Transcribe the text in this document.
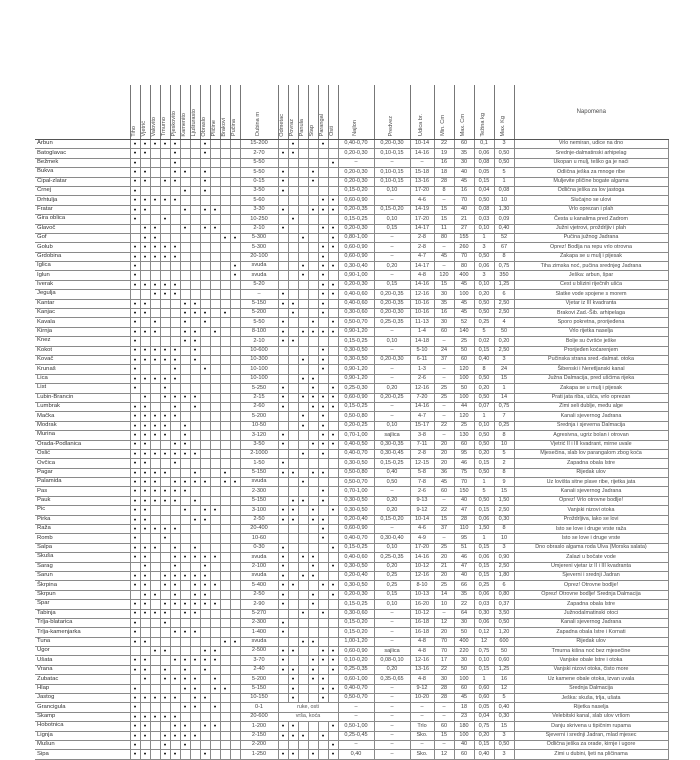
	Tiho	Vjetrić	Valovito	Tmurno	Pjeskovito	Kamenito	Ljušturasto	Obraslo	Pličine	Brakovi	Pučina	Dubina m	Odmetac	Povraz	Panula	Štap	Parangal	Osti	Najlon	Predvez	Udica br.	Min. Cm	Max. Cm	Težina kg	Max. Kg	Napomena
Arbun	●	●	●	●	●			●				15-200		●			●		0,40-0,70	0,20-0,30	10-14	22	60	0,1	3	Vrlo nemiran, udice na dno
Batoglavac	●	●			●			●				2-70	●	●					0,20-0,30	0,10-0,15	14-16	19	35	0,06	0,50	Srednje-dalmatinski arhipelag
Bežmek	●				●							5-50						●	–	–	–	16	30	0,08	0,50	Ukopan u mulj, teško ga je naći
Bukva	●	●			●	●		●				5-50	●			●			0,20-0,30	0,10-0,15	15-18	18	40	0,05	5	Odlična ješka za mnoge ribe
Cipal-zlatar	●	●		●	●			●				0-15	●			●			0,20-0,30	0,10-0,15	13-16	28	45	0,15	1	Muljevite pličine bogate algama
Crnej	●					●		●				3-50	●						0,15-0,20	0,10	17-20	8	16	0,04	0,08	Odlična ješka za lov jastoga
Drhtulja	●	●	●	●	●							5-60					●	●	0,60-0,90	–	4-6	–	70	0,50	10	Slučajno se ulovi
Fratar	●	●				●		●	●			3-30	●			●	●	●	0,20-0,35	0,15-0,20	14-19	15	40	0,08	1,30	Vrlo oprezan i plah
Gira oblica	●			●								10-250		●					0,15-0,25	0,10	17-20	15	21	0,03	0,09	Česta u kanalima pred Zadrom
Glavoč		●	●			●		●	●			2-10	●				●	●	0,20-0,30	0,15	14-17	11	27	0,10	0,40	Južni vjetrovi, proždrljiv i plah
Gof		●	●							●	●	5-300			●			●	0,80-1,00	–	2-8	80	155	1	52	Pučina južnog Jadrana
Golub	●	●	●	●	●							5-300					●	●	0,60-0,90	–	2-8	–	260	3	67	Oprez! Bodlja na repu vrlo otrovna
Grdobina	●	●	●	●	●							20-100					●		0,60-0,90	–	4-7	45	70	0,50	8	Zakapa se u mulj i pijesak
Iglica	●										●	svuda			●		●	●	0,30-0,40	0,20	14-17	–	80	0,06	0,75	Tiha zimska noć, pučina srednjeg Jadrana
Iglun	●										●	svuda			●		●		0,90-1,00	–	4-8	120	400	3	350	Ješka: arbun, špar
Iverak	●	●	●	●	●							5-20					●	●	0,20-0,30	0,15	14-16	15	45	0,10	1,25	Čest u blizini riječnih ušća
Jegulja			●	●	●							–	●				●	●	0,40-0,60	0,20-0,35	12-16	30	100	0,20	6	Slatke vode spojene s morem
Kantar	●	●				●	●					5-150	●	●			●		0,40-0,60	0,20-0,35	10-16	35	45	0,50	2,50	Vjetar iz III kvadranta
Kanjac	●	●				●	●	●		●		5-200		●			●		0,30-0,60	0,20-0,30	10-16	16	45	0,50	2,50	Brakovi Zad.-Šib. arhipelaga
Kavala	●		●			●		●				5-50	●			●		●	0,50-0,70	0,25-0,35	11-13	30	52	0,25	4	Sporo pokretna, prorijeđena
Kirnja	●	●	●			●	●		●			8-100	●		●	●	●	●	0,90-1,20	–	1-4	60	140	5	50	Vrlo rijetka naselja
Knez	●					●	●					2-10	●	●					0,15-0,25	0,10	14-18	–	25	0,02	0,20	Bolje su čvršće ješke
Kokot	●	●	●	●	●		●					10-600					●		0,30-0,50	–	5-10	24	50	0,15	2,50	Prorijeđen koćarenjem
Kovač	●	●	●	●	●		●					10-300			●		●		0,30-0,50	0,20-0,30	6-11	37	60	0,40	3	Pučinska strana sred.-dalmat. otoka
Krunaš	●				●			●				10-100					●		0,90-1,20	–	1-3	–	120	8	24	Šibenski i Neretljanski kanal
Lica	●	●	●	●	●							10-100			●	●			0,90-1,20	–	2-6	–	100	0,50	15	Južna Dalmacija, pred ušćima rijeka
List	●			●								5-250	●			●		●	0,25-0,30	0,20	12-16	25	50	0,20	1	Zakapa se u mulj i pijesak
Lubin-Brancin		●		●	●	●	●					2-15	●		●	●	●	●	0,60-0,90	0,20-0,25	7-20	25	100	0,50	14	Prati jata riba, ušća, vrlo oprezan
Lumbrak	●	●			●		●					2-60	●			●	●	●	0,15-0,25	–	14-16	–	44	0,07	0,75	Zimi seli dublje, među alge
Mačka	●	●	●	●	●							5-200			●		●		0,50-0,80	–	4-7	–	120	1	7	Kanali sjevernog Jadrana
Modrak	●	●	●	●		●						10-50			●		●		0,20-0,25	0,10	15-17	22	25	0,10	0,25	Srednja i sjeverna Dalmacija
Murina	●	●	●	●		●						3-120	●				●	●	0,70-1,00	sajlica	3-8	–	130	0,50	8	Agresivna, ugriz bolan i otrovan
Orada-Podlanica	●	●			●	●						3-50	●			●	●	●	0,40-0,50	0,30-0,35	7-11	20	60	0,50	10	Vjetrić II i III kvadrant, mirne uvale
Oslić	●	●	●	●	●	●	●					2-1000			●		●		0,40-0,70	0,30-0,45	2-8	20	95	0,20	5	Mjesečina, slab lov parangalom zbog koća
Ovčica	●	●			●							1-50	●						0,30-0,50	0,15-0,25	12-15	20	46	0,15	2	Zapadna obala Istre
Pagar	●	●	●	●			●			●		5-150	●	●		●	●		0,50-0,80	0,40	5-8	36	75	0,50	8	Rijedak ulov
Palamida	●	●	●		●	●	●	●		●	●	svuda			●				0,50-0,70	0,50	7-8	45	70	1	9	Uz lovišta sitne plave ribe, rijetka jata
Pas	●	●	●	●	●	●						2-300					●		0,70-1,00	–	2-6	60	150	5	15	Kanali sjevernog Jadrana
Pauk	●	●	●	●	●		●					5-150		●	●		●		0,30-0,50	0,20	9-13	–	40	0,50	1,50	Oprez! Vrlo otrovne bodlje!
Pic	●	●				●		●	●			3-100	●	●		●		●	0,30-0,50	0,20	9-12	22	47	0,15	2,50	Vanjski nizovi otoka
Pirka	●	●					●	●				2-50	●	●		●	●		0,20-0,40	0,15-0,20	10-14	15	28	0,06	0,30	Proždrljiva, lako se lovi
Raža	●	●	●	●	●							20-400					●		0,60-0,90	–	4-6	37	110	1,50	8	Isto se love i druge vrste raža
Romb	●			●								10-60					●		0,40-0,70	0,30-0,40	4-9	–	95	1	10	Isto se love i druge vrste
Salpa	●	●	●		●		●					0-30	●					●	0,15-0,25	0,10	17-20	25	51	0,15	3	Dno obraslo algama roda Ulva (Morska salata)
Skuša	●	●			●	●	●	●	●			svuda	●		●	●			0,40-0,60	0,25-0,35	14-16	20	46	0,06	0,90	Zalazi u bočate vode
Šarag		●			●			●				2-100	●			●		●	0,30-0,50	0,20	10-12	21	47	0,15	2,50	Umjereni vjetar iz II i III kvadranta
Šarun	●	●		●	●	●	●	●				svuda	●		●	●			0,20-0,40	0,25	12-16	20	40	0,15	1,80	Sjeverni i srednji Jadran
Škrpina	●	●		●	●		●	●	●			5-400	●	●			●	●	0,30-0,50	0,25	8-10	25	66	0,25	6	Oprez! Otrovne bodlje!
Škrpun		●	●		●		●	●				2-50	●			●		●	0,20-0,30	0,15	10-13	14	35	0,06	0,80	Oprez! Otrovne bodlje! Srednja Dalmacija
Špar	●	●		●	●	●	●	●	●			2-90	●			●			0,15-0,25	0,10	16-20	10	22	0,03	0,37	Zapadna obala Istre
Tabinja	●	●	●	●		●	●					5-270			●		●		0,30-0,60	–	10-12	–	64	0,30	3,50	Južnodalmatinski otoci
Trlja-blatarica	●			●								2-300	●						0,15-0,20	–	16-18	12	30	0,06	0,50	Kanali sjevernog Jadrana
Trlja-kamenjarka	●				●	●	●					1-400	●						0,15-0,20	–	16-18	20	50	0,12	1,20	Zapadna obala Istre i Kornati
Tuna	●	●								●	●	svuda			●	●			1,00-1,20	–	4-8	70	400	12	600	Rijedak ulov
Ugor			●	●				●	●			2-500	●	●			●	●	0,60-0,90	sajlica	4-8	70	220	0,75	50	Tmurna kišna noć bez mjesečine
Ušata	●	●			●	●	●	●	●			3-70	●			●	●	●	0,10-0,20	0,08-0,10	12-16	17	30	0,10	0,60	Vanjske obale Istre i otoka
Vrana	●	●		●		●		●				2-40	●	●		●		●	0,25-0,35	0,20	13-16	22	50	0,15	1,25	Vanjski nizovi otoka, čisto more
Zubatac		●		●	●	●	●		●			5-200		●		●	●		0,60-1,00	0,35-0,65	4-8	30	100	1	16	Uz kamene obale otoka, izvan uvala
Hlap	●					●	●		●	●		5-150		●			●	●	0,40-0,70	–	9-12	28	60	0,60	12	Srednja Dalmacija
Jastog	●	●	●	●	●		●	●				10-150		●			●		0,50-0,70	–	10-20	28	45	0,60	5	Ješka: skuša, trlja, ušata
Grancigula	●					●	●		●			0-1	ruke, osti						–	–	–	–	18	0,05	0,40	Rijetka naselja
Škamp	●	●	●	●	●							20-600	vrša, koća						–	–	–	–	23	0,04	0,30	Velebitski kanal, slab ulov vršom
Hobotnica	●	●			●	●		●	●			1-200	●	●				●	0,50-1,00	–	Trlo	60	180	0,75	15	Danju skrivena u tipičnim rupama
Lignja	●	●		●	●	●	●					2-150	●	●	●		●		0,25-0,45	–	Sko.	15	100	0,20	3	Sjeverni i srednji Jadran, mlad mjesec
Mušun	●			●		●						2-200						●	–	–	–	–	40	0,15	0,50	Odlična ješka za orade, kirnje i ugore
Sipa	●	●		●	●			●				1-250	●	●		●		●	0,40	–	Sko.	12	60	0,40	3	Zimi u dubini, ljeti na pličinama
